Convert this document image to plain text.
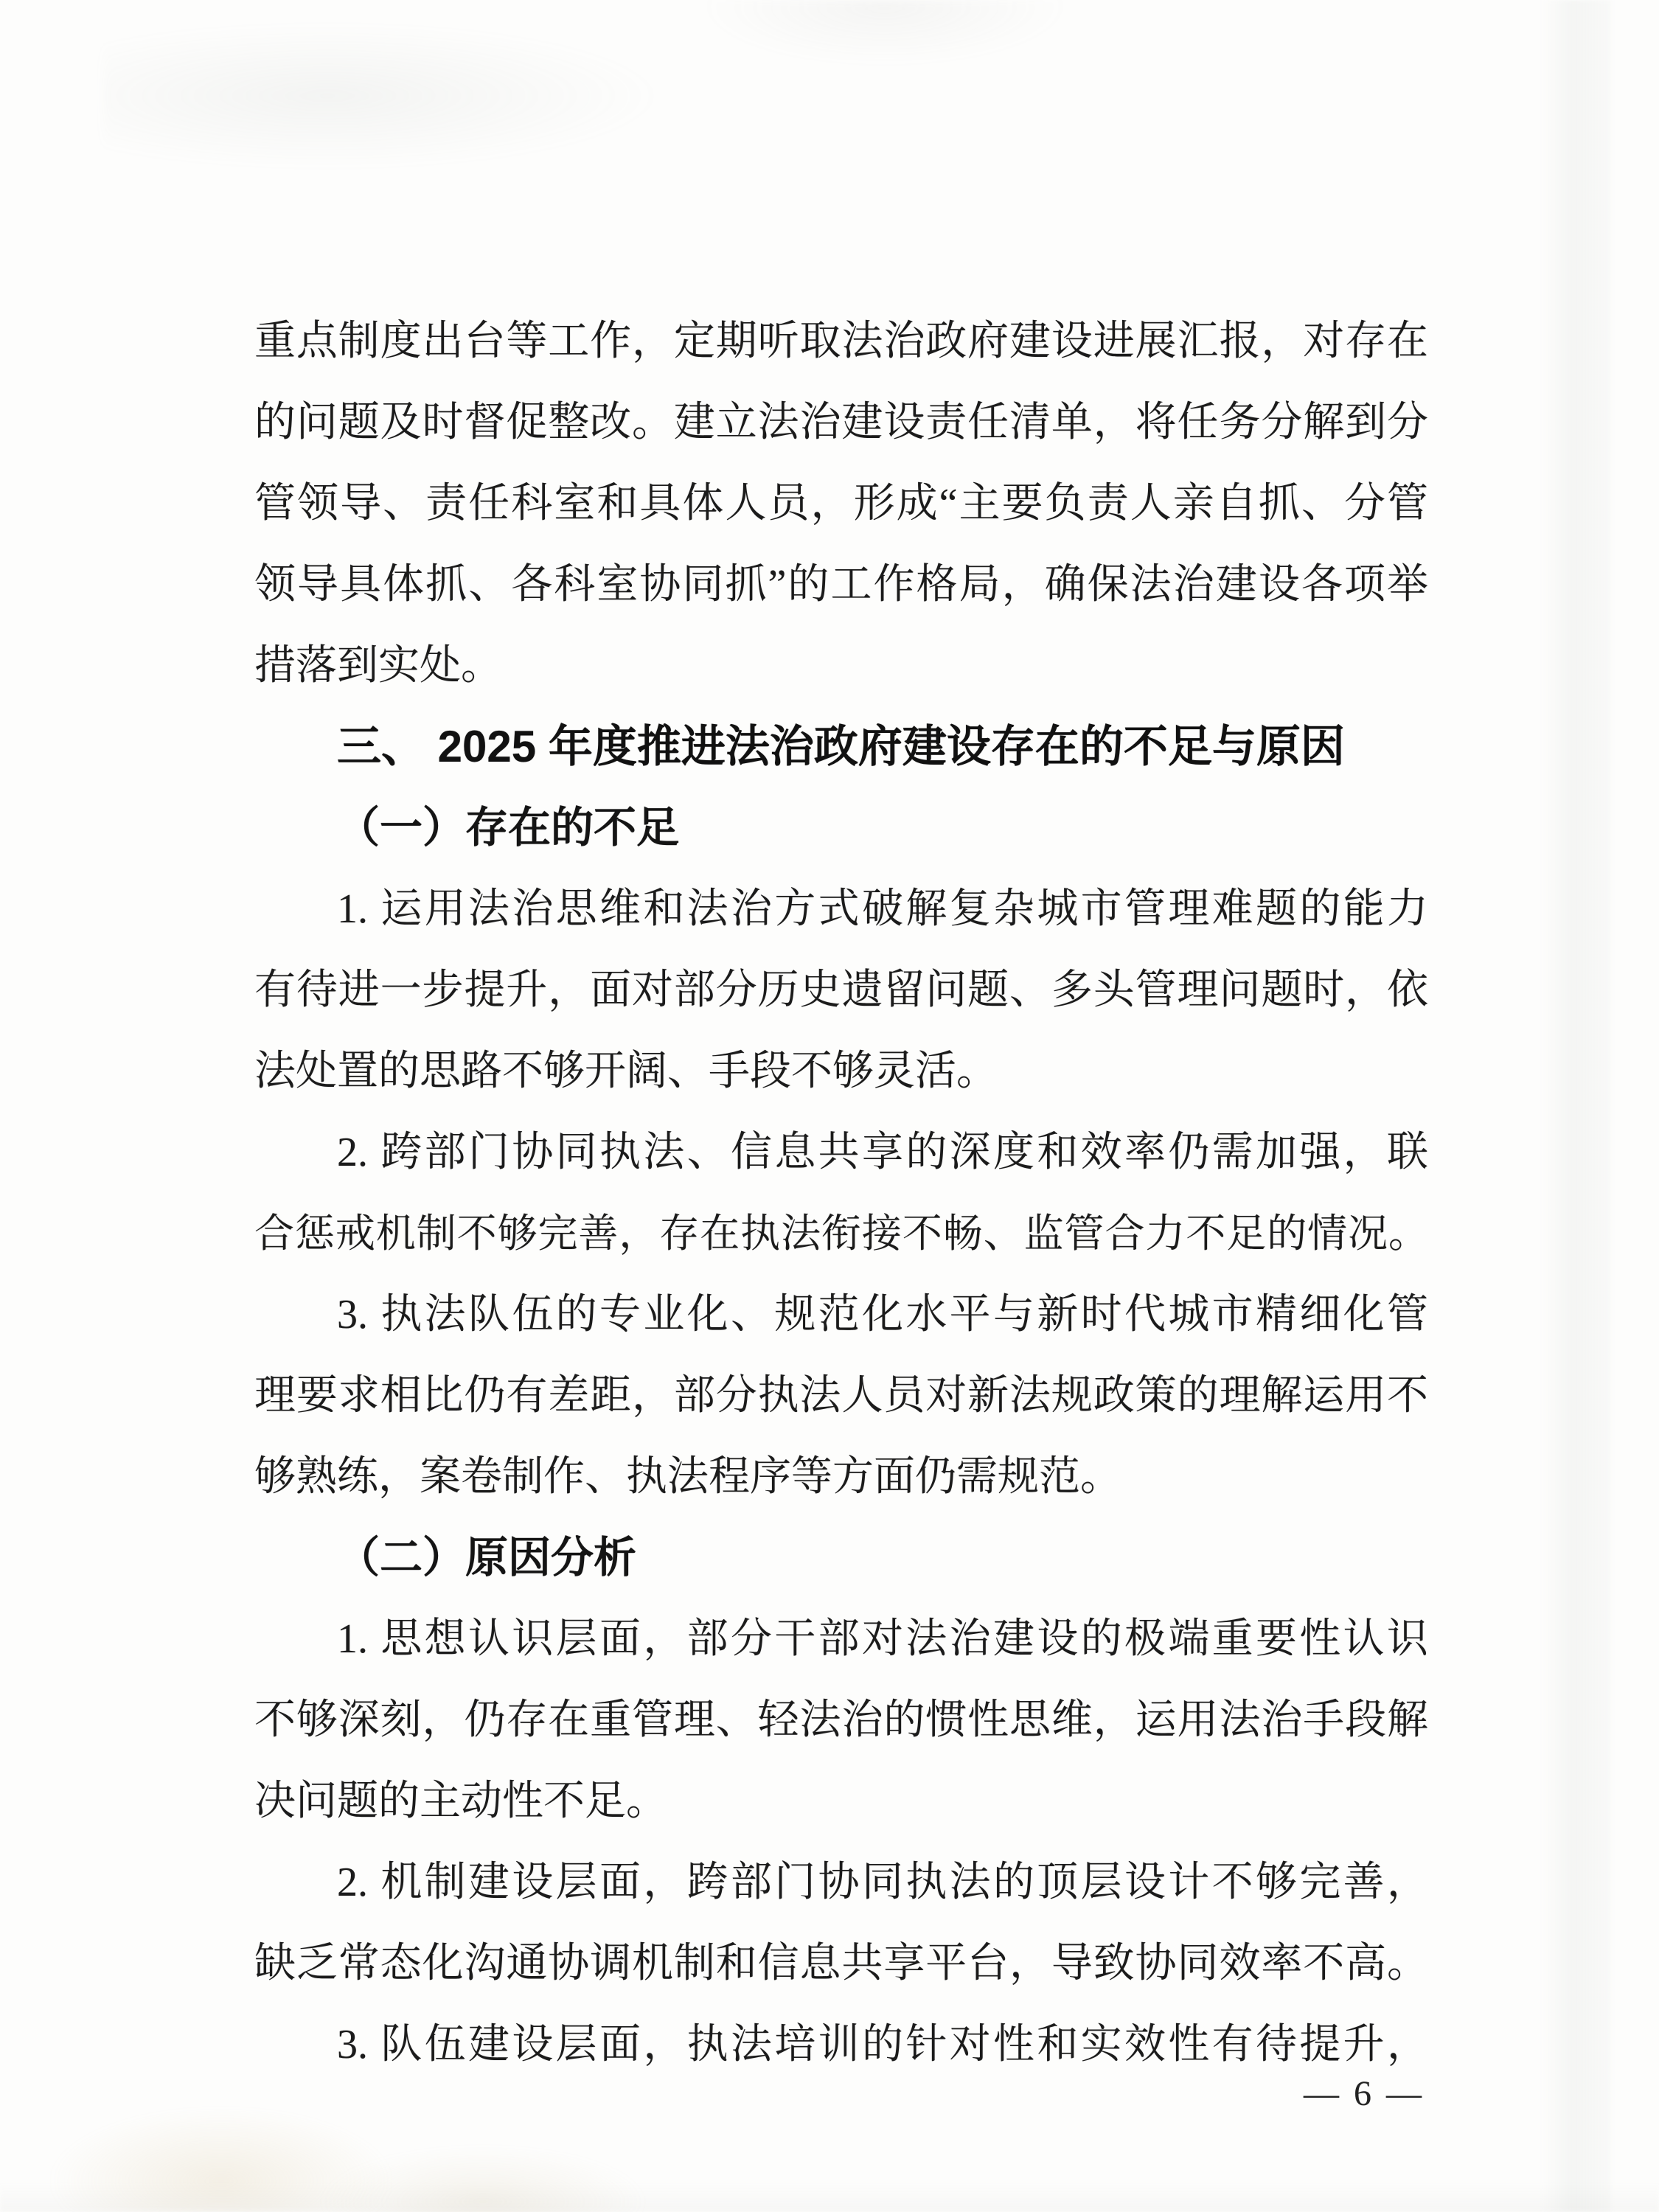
重点制度出台等工作，定期听取法治政府建设进展汇报，对存在
的问题及时督促整改。建立法治建设责任清单，将任务分解到分
管领导、责任科室和具体人员，形成“主要负责人亲自抓、分管
领导具体抓、各科室协同抓”的工作格局，确保法治建设各项举
措落到实处。
三、 2025 年度推进法治政府建设存在的不足与原因
（一）存在的不足
1. 运用法治思维和法治方式破解复杂城市管理难题的能力
有待进一步提升，面对部分历史遗留问题、多头管理问题时，依
法处置的思路不够开阔、手段不够灵活。
2. 跨部门协同执法、信息共享的深度和效率仍需加强，联
合惩戒机制不够完善，存在执法衔接不畅、监管合力不足的情况。
3. 执法队伍的专业化、规范化水平与新时代城市精细化管
理要求相比仍有差距，部分执法人员对新法规政策的理解运用不
够熟练，案卷制作、执法程序等方面仍需规范。
（二）原因分析
1. 思想认识层面，部分干部对法治建设的极端重要性认识
不够深刻，仍存在重管理、轻法治的惯性思维，运用法治手段解
决问题的主动性不足。
2. 机制建设层面，跨部门协同执法的顶层设计不够完善，
缺乏常态化沟通协调机制和信息共享平台，导致协同效率不高。
3. 队伍建设层面，执法培训的针对性和实效性有待提升，
— 6 —
